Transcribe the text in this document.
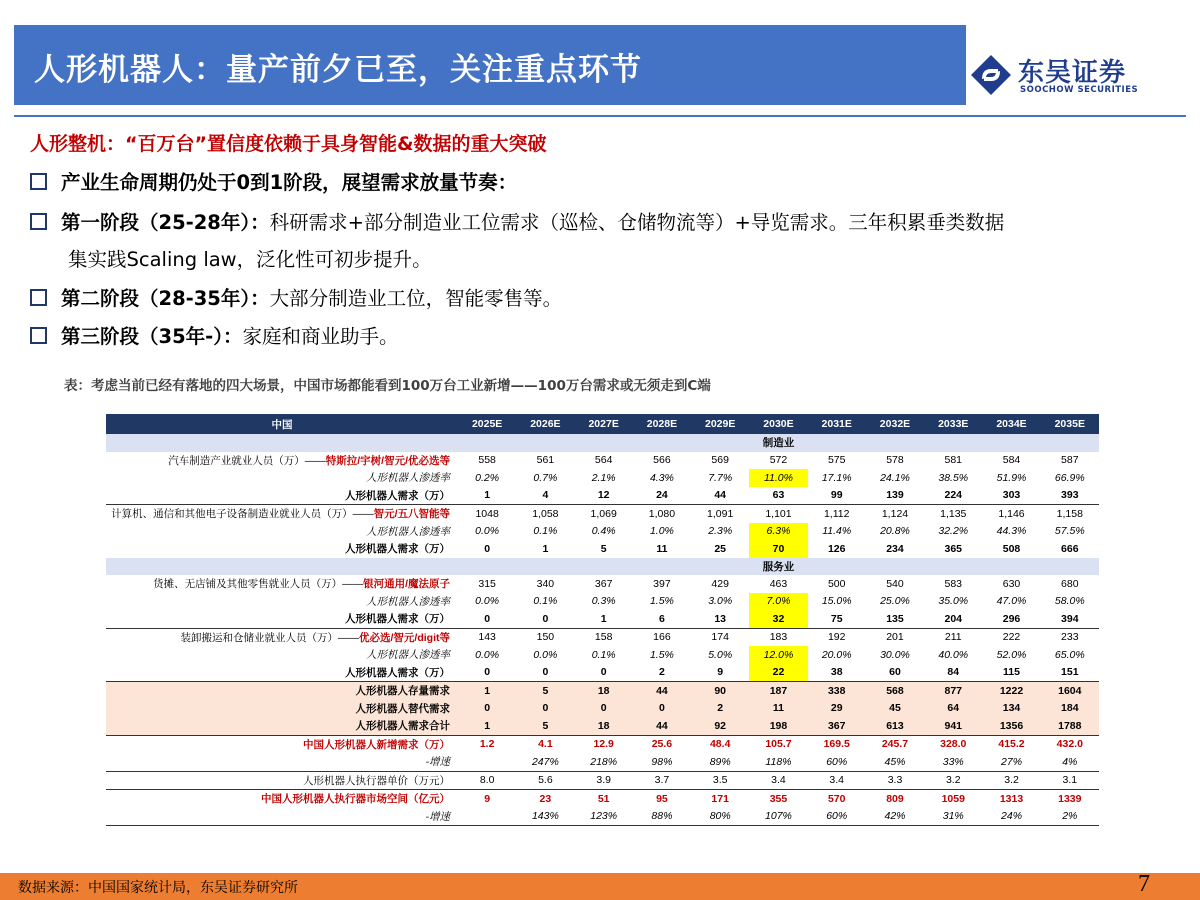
人形机器人：量产前夕已至，关注重点环节	东吴证券
SOOCHOW SECURITIES
人形整机：“百万台”置信度依赖于具身智能&数据的重大突破
产业生命周期仍处于0到1阶段，展望需求放量节奏：
第一阶段（25-28年）：科研需求+部分制造业工位需求（巡检、仓储物流等）+导览需求。三年积累垂类数据
集实践Scaling law，泛化性可初步提升。
第二阶段（28-35年）：大部分制造业工位，智能零售等。
第三阶段（35年-）：家庭和商业助手。
表：考虑当前已经有落地的四大场景，中国市场都能看到100万台工业新增——100万台需求或无须走到C端
中国	2025E	2026E	2027E	2028E	2029E	2030E	2031E	2032E	2033E	2034E	2035E
						制造业					
汽车制造产业就业人员（万）——特斯拉/宇树/智元/优必选等	558	561	564	566	569	572	575	578	581	584	587
人形机器人渗透率	0.2%	0.7%	2.1%	4.3%	7.7%	11.0%	17.1%	24.1%	38.5%	51.9%	66.9%
人形机器人需求（万）	1	4	12	24	44	63	99	139	224	303	393
计算机、通信和其他电子设备制造业就业人员（万）——智元/五八智能等	1048	1,058	1,069	1,080	1,091	1,101	1,112	1,124	1,135	1,146	1,158
人形机器人渗透率	0.0%	0.1%	0.4%	1.0%	2.3%	6.3%	11.4%	20.8%	32.2%	44.3%	57.5%
人形机器人需求（万）	0	1	5	11	25	70	126	234	365	508	666
						服务业					
货摊、无店铺及其他零售就业人员（万）——银河通用/魔法原子	315	340	367	397	429	463	500	540	583	630	680
人形机器人渗透率	0.0%	0.1%	0.3%	1.5%	3.0%	7.0%	15.0%	25.0%	35.0%	47.0%	58.0%
人形机器人需求（万）	0	0	1	6	13	32	75	135	204	296	394
装卸搬运和仓储业就业人员（万）——优必选/智元/digit等	143	150	158	166	174	183	192	201	211	222	233
人形机器人渗透率	0.0%	0.0%	0.1%	1.5%	5.0%	12.0%	20.0%	30.0%	40.0%	52.0%	65.0%
人形机器人需求（万）	0	0	0	2	9	22	38	60	84	115	151
人形机器人存量需求	1	5	18	44	90	187	338	568	877	1222	1604
人形机器人替代需求	0	0	0	0	2	11	29	45	64	134	184
人形机器人需求合计	1	5	18	44	92	198	367	613	941	1356	1788
中国人形机器人新增需求（万）	1.2	4.1	12.9	25.6	48.4	105.7	169.5	245.7	328.0	415.2	432.0
-增速		247%	218%	98%	89%	118%	60%	45%	33%	27%	4%
人形机器人执行器单价（万元）	8.0	5.6	3.9	3.7	3.5	3.4	3.4	3.3	3.2	3.2	3.1
中国人形机器人执行器市场空间（亿元）	9	23	51	95	171	355	570	809	1059	1313	1339
-增速		143%	123%	88%	80%	107%	60%	42%	31%	24%	2%
数据来源：中国国家统计局，东吴证券研究所	7
